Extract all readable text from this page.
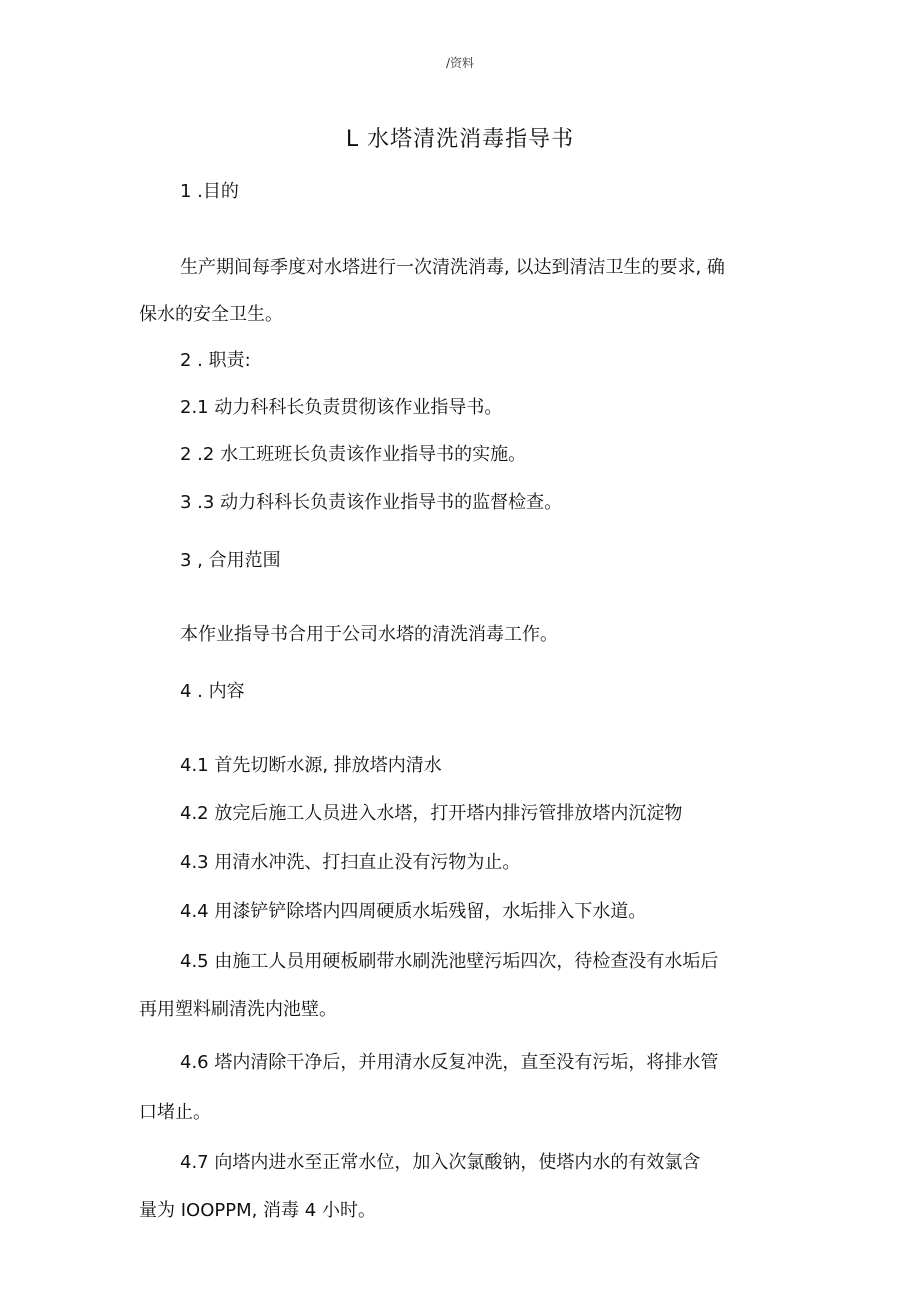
/资料
L 水塔清洗消毒指导书
1 .目的
生产期间每季度对水塔进行一次清洗消毒, 以达到清洁卫生的要求, 确
保水的安全卫生。
2 . 职责:
2.1 动力科科长负责贯彻该作业指导书。
2 .2 水工班班长负责该作业指导书的实施。
3 .3 动力科科长负责该作业指导书的监督检查。
3 , 合用范围
本作业指导书合用于公司水塔的清洗消毒工作。
4 . 内容
4.1 首先切断水源, 排放塔内清水
4.2 放完后施工人员进入水塔，打开塔内排污管排放塔内沉淀物
4.3 用清水冲洗、打扫直止没有污物为止。
4.4 用漆铲铲除塔内四周硬质水垢残留，水垢排入下水道。
4.5 由施工人员用硬板刷带水刷洗池壁污垢四次，待检查没有水垢后
再用塑料刷清洗内池壁。
4.6 塔内清除干净后，并用清水反复冲洗，直至没有污垢，将排水管
口堵止。
4.7 向塔内进水至正常水位，加入次氯酸钠，使塔内水的有效氯含
量为 IOOPPM, 消毒 4 小时。
